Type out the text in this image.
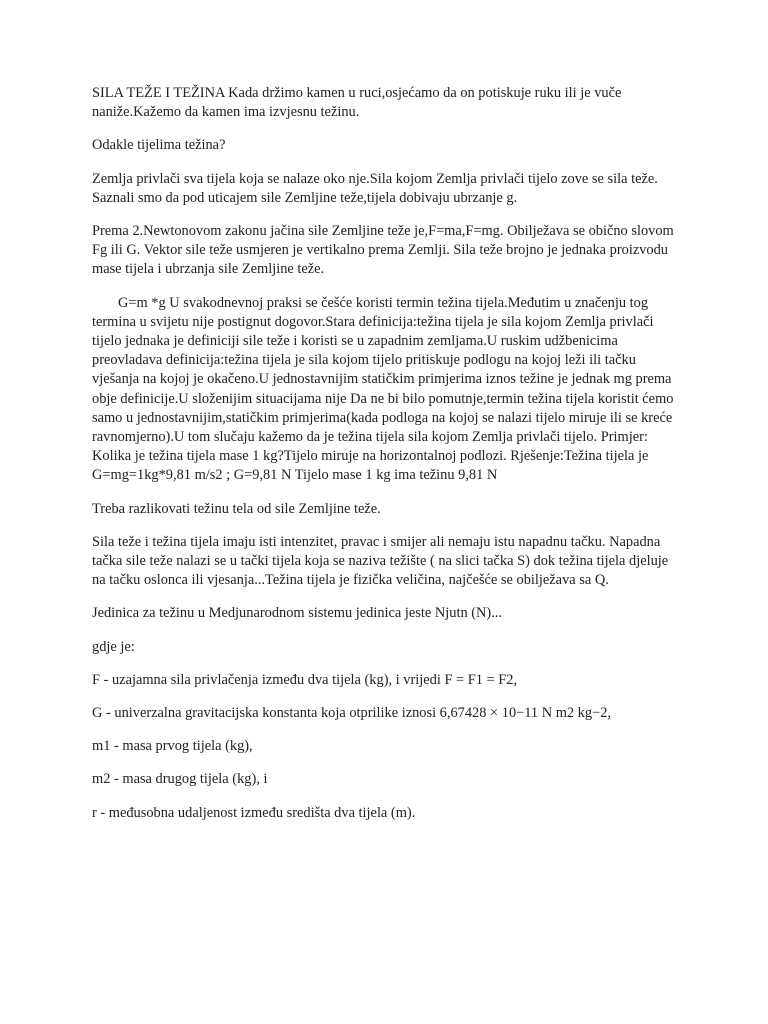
SILA TEŽE I TEŽINA Kada držimo kamen u ruci,osjećamo da on potiskuje ruku ili je vuče naniže.Kažemo da kamen ima izvjesnu težinu.

Odakle tijelima težina?

Zemlja privlači sva tijela koja se nalaze oko nje.Sila kojom Zemlja privlači tijelo zove se sila teže. Saznali smo da pod uticajem sile Zemljine teže,tijela dobivaju ubrzanje g.

Prema 2.Newtonovom zakonu jačina sile Zemljine teže je,F=ma,F=mg. Obilježava se obično slovom Fg ili G. Vektor sile teže usmjeren je vertikalno prema Zemlji. Sila teže brojno je jednaka proizvodu mase tijela i ubrzanja sile Zemljine teže.

G=m *g U svakodnevnoj praksi se češće koristi termin težina tijela.Međutim u značenju tog termina u svijetu nije postignut dogovor.Stara definicija:težina tijela je sila kojom Zemlja privlači tijelo jednaka je definiciji sile teže i koristi se u zapadnim zemljama.U ruskim udžbenicima preovladava definicija:težina tijela je sila kojom tijelo pritiskuje podlogu na kojoj leži ili tačku vješanja na kojoj je okačeno.U jednostavnijim statičkim primjerima iznos težine je jednak mg prema obje definicije.U složenijim situacijama nije Da ne bi bilo pomutnje,termin težina tijela koristit ćemo samo u jednostavnijim,statičkim primjerima(kada podloga na kojoj se nalazi tijelo miruje ili se kreće ravnomjerno).U tom slučaju kažemo da je težina tijela sila kojom Zemlja privlači tijelo. Primjer: Kolika je težina tijela mase 1 kg?Tijelo miruje na horizontalnoj podlozi. Rješenje:Težina tijela je G=mg=1kg*9,81 m/s2 ; G=9,81 N Tijelo mase 1 kg ima težinu 9,81 N

Treba razlikovati težinu tela od sile Zemljine teže.

Sila teže i težina tijela imaju isti intenzitet, pravac i smijer ali nemaju istu napadnu tačku. Napadna tačka sile teže nalazi se u tački tijela koja se naziva težište ( na slici tačka S) dok težina tijela djeluje na tačku oslonca ili vjesanja...Težina tijela je fizička veličina, najčešće se obilježava sa Q.

Jedinica za težinu u Medjunarodnom sistemu jedinica jeste Njutn (N)...

gdje je:

F - uzajamna sila privlačenja između dva tijela (kg), i vrijedi F = F1 = F2,

G - univerzalna gravitacijska konstanta koja otprilike iznosi 6,67428 × 10−11 N m2 kg−2,

m1 - masa prvog tijela (kg),

m2 - masa drugog tijela (kg), i

r - međusobna udaljenost između središta dva tijela (m).
